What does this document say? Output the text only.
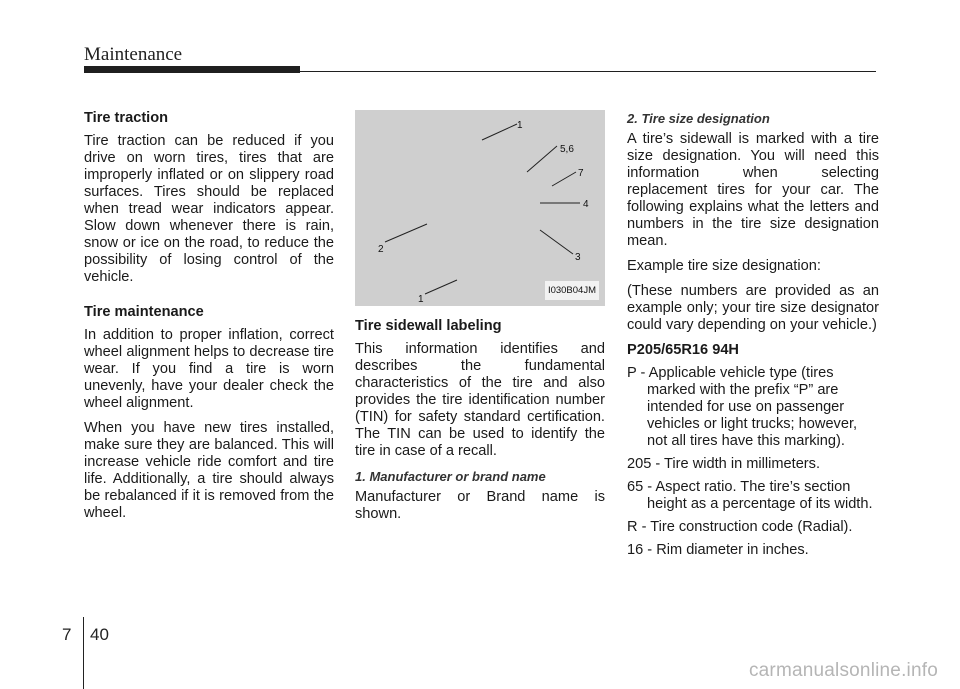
Maintenance
Tire traction

Tire traction can be reduced if you drive on worn tires, tires that are improperly inflated or on slippery road surfaces. Tires should be replaced when tread wear indicators appear. Slow down whenever there is rain, snow or ice on the road, to reduce the possibility of losing control of the vehicle.

Tire maintenance

In addition to proper inflation, correct wheel alignment helps to decrease tire wear. If you find a tire is worn unevenly, have your dealer check the wheel alignment.

When you have new tires installed, make sure they are balanced. This will increase vehicle ride comfort and tire life. Additionally, a tire should always be rebalanced if it is removed from the wheel.

1
5,6
7
4
2
3
1
I030B04JM
Tire sidewall labeling

This information identifies and describes the fundamental characteristics of the tire and also provides the tire identification number (TIN) for safety standard certification. The TIN can be used to identify the tire in case of a recall.

1. Manufacturer or brand name

Manufacturer or Brand name is shown.

2. Tire size designation

A tire’s sidewall is marked with a tire size designation. You will need this information when selecting replacement tires for your car. The following explains what the letters and numbers in the tire size designation mean.

Example tire size designation:

(These numbers are provided as an example only; your tire size designator could vary depending on your vehicle.)

P205/65R16 94H

P - Applicable vehicle type (tires marked with the prefix “P” are intended for use on passenger vehicles or light trucks; however, not all tires have this marking).

205 - Tire width in millimeters.

65 - Aspect ratio. The tire’s section height as a percentage of its width.

R - Tire construction code (Radial).

16 - Rim diameter in inches.

7 40
carmanualsonline.info
